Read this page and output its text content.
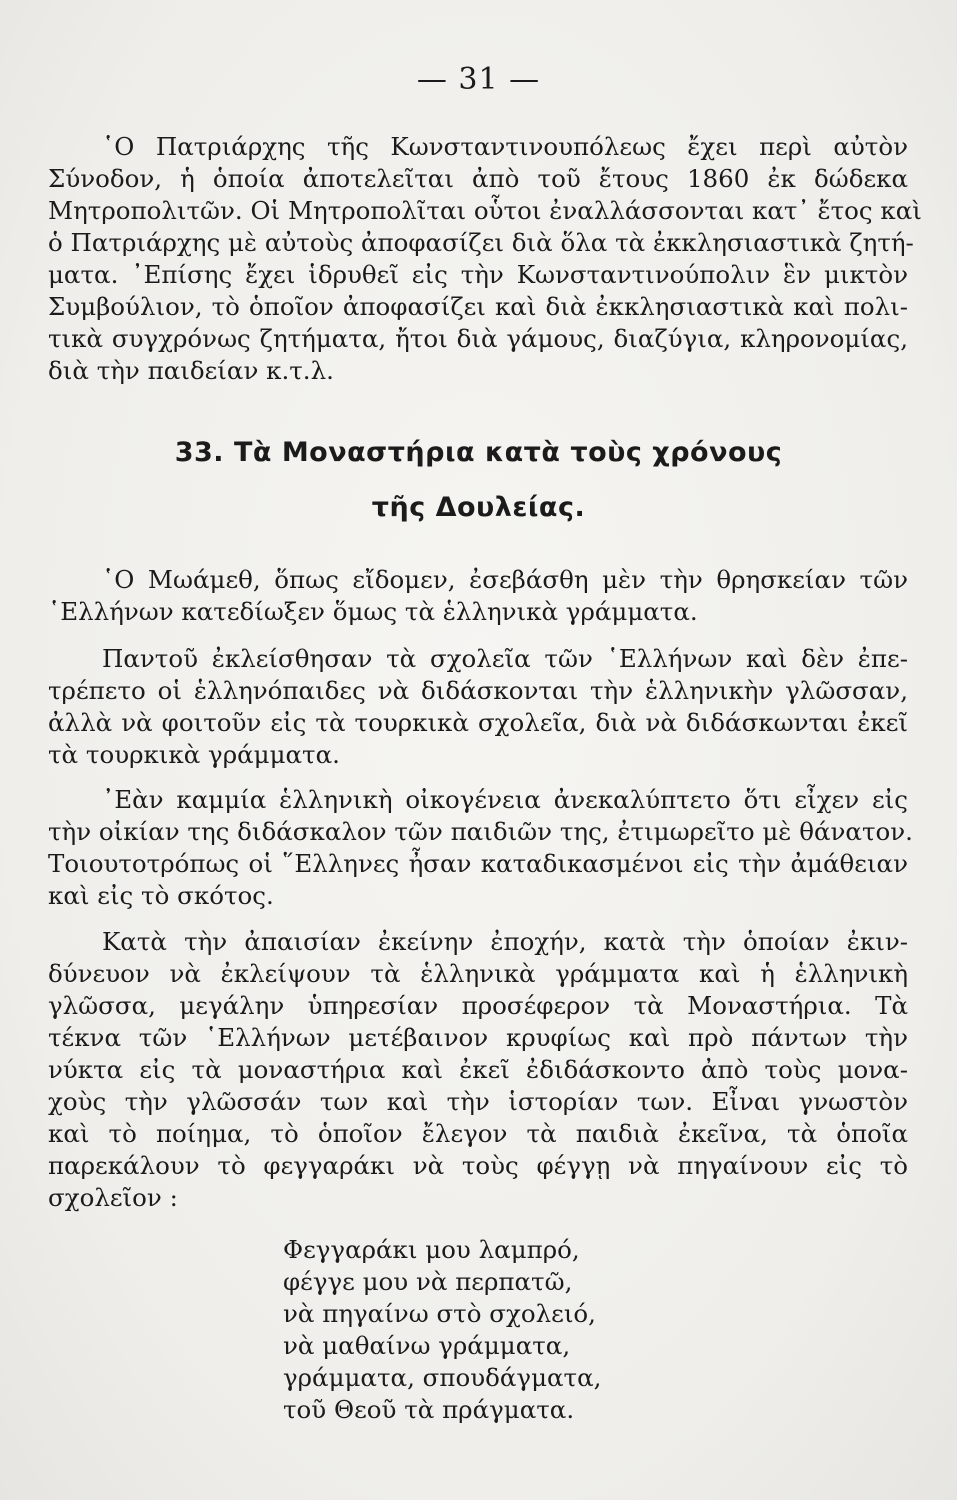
— 31 —
῾Ο Πατριάρχης τῆς Κωνσταντινουπόλεως ἔχει περὶ αὐτὸν
Σύνοδον, ἡ ὁποία ἀποτελεῖται ἀπὸ τοῦ ἔτους 1860 ἐκ δώδεκα
Μητροπολιτῶν. Οἱ Μητροπολῖται οὗτοι ἐναλλάσσονται κατ᾽ ἔτος καὶ
ὁ Πατριάρχης μὲ αὐτοὺς ἀποφασίζει διὰ ὅλα τὰ ἐκκλησιαστικὰ ζητή-
ματα. ᾽Επίσης ἔχει ἱδρυθεῖ εἰς τὴν Κωνσταντινούπολιν ἓν μικτὸν
Συμβούλιον, τὸ ὁποῖον ἀποφασίζει καὶ διὰ ἐκκλησιαστικὰ καὶ πολι-
τικὰ συγχρόνως ζητήματα, ἤτοι διὰ γάμους, διαζύγια, κληρονομίας,
διὰ τὴν παιδείαν κ.τ.λ.
33. Τὰ Μοναστήρια κατὰ τοὺς χρόνους
τῆς Δουλείας.
῾Ο Μωάμεθ, ὅπως εἴδομεν, ἐσεβάσθη μὲν τὴν θρησκείαν τῶν
῾Ελλήνων κατεδίωξεν ὅμως τὰ ἑλληνικὰ γράμματα.
Παντοῦ ἐκλείσθησαν τὰ σχολεῖα τῶν ῾Ελλήνων καὶ δὲν ἐπε-
τρέπετο οἱ ἑλληνόπαιδες νὰ διδάσκονται τὴν ἑλληνικὴν γλῶσσαν,
ἀλλὰ νὰ φοιτοῦν εἰς τὰ τουρκικὰ σχολεῖα, διὰ νὰ διδάσκωνται ἐκεῖ
τὰ τουρκικὰ γράμματα.
᾽Εὰν καμμία ἑλληνικὴ οἰκογένεια ἀνεκαλύπτετο ὅτι εἶχεν εἰς
τὴν οἰκίαν της διδάσκαλον τῶν παιδιῶν της, ἐτιμωρεῖτο μὲ θάνατον.
Τοιουτοτρόπως οἱ ῞Ελληνες ἦσαν καταδικασμένοι εἰς τὴν ἀμάθειαν
καὶ εἰς τὸ σκότος.
Κατὰ τὴν ἀπαισίαν ἐκείνην ἐποχήν, κατὰ τὴν ὁποίαν ἐκιν-
δύνευον νὰ ἐκλείψουν τὰ ἑλληνικὰ γράμματα καὶ ἡ ἑλληνικὴ
γλῶσσα, μεγάλην ὑπηρεσίαν προσέφερον τὰ Μοναστήρια. Τὰ
τέκνα τῶν ῾Ελλήνων μετέβαινον κρυφίως καὶ πρὸ πάντων τὴν
νύκτα εἰς τὰ μοναστήρια καὶ ἐκεῖ ἐδιδάσκοντο ἀπὸ τοὺς μονα-
χοὺς τὴν γλῶσσάν των καὶ τὴν ἱστορίαν των. Εἶναι γνωστὸν
καὶ τὸ ποίημα, τὸ ὁποῖον ἔλεγον τὰ παιδιὰ ἐκεῖνα, τὰ ὁποῖα
παρεκάλουν τὸ φεγγαράκι νὰ τοὺς φέγγῃ νὰ πηγαίνουν εἰς τὸ
σχολεῖον :
Φεγγαράκι μου λαμπρό,
φέγγε μου νὰ περπατῶ,
νὰ πηγαίνω στὸ σχολειό,
νὰ μαθαίνω γράμματα,
γράμματα, σπουδάγματα,
τοῦ Θεοῦ τὰ πράγματα.
